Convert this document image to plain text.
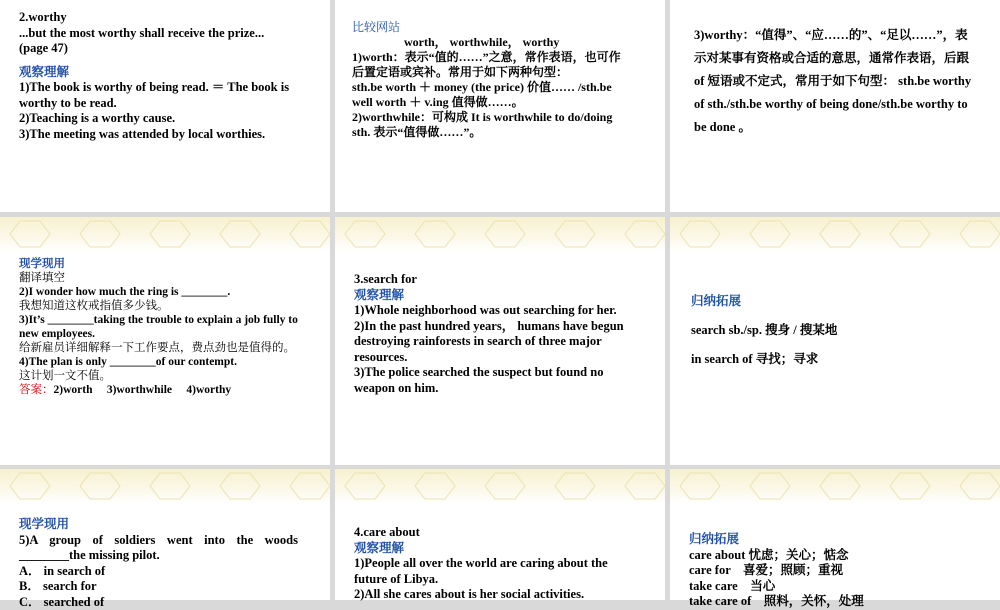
2.worthy
...but the most worthy shall receive the prize...
(page 47)
观察理解
1)The book is worthy of being read. ＝ The book is worthy to be read.
2)Teaching is a worthy cause.
3)The meeting was attended by local worthies.
比较网站
worth， worthwhile， worthy
1)worth：表示“值的……”之意，常作表语，也可作后置定语或宾补。常用于如下两种句型：
sth.be worth ＋ money (the price) 价值…… /sth.be well worth ＋ v.ing 值得做……。
2)worthwhile：可构成 It is worthwhile to do/doing sth. 表示“值得做……”。
3)worthy：“值得”、“应……的”、“足以……”，表示对某事有资格或合适的意思，通常作表语，后跟 of 短语或不定式，常用于如下句型： sth.be worthy of sth./sth.be worthy of being done/sth.be worthy to be done 。
现学现用
翻译填空
2)I wonder how much the ring is ________.
我想知道这枚戒指值多少钱。
3)It’s ________taking the trouble to explain a job fully to new employees.
给新雇员详细解释一下工作要点，费点劲也是值得的。
4)The plan is only ________of our contempt.
这计划一文不值。
答案：2)worth　 3)worthwhile　 4)worthy
3.search for
观察理解
1)Whole neighborhood was out searching for her.
2)In the past hundred years， humans have begun destroying rainforests in search of three major resources.
3)The police searched the suspect but found no weapon on him.
归纳拓展
search sb./sp. 搜身 / 搜某地
in search of 寻找；寻求
现学现用
5)A group of soldiers went into the woods ________the missing pilot.
A． in search of
B． search for
C． searched of
4.care about
观察理解
1)People all over the world are caring about the future of Libya.
2)All she cares about is her social activities.
归纳拓展
care about 忧虑；关心；惦念
care for　喜爱；照顾；重视
take care　当心
take care of　照料，关怀，处理
